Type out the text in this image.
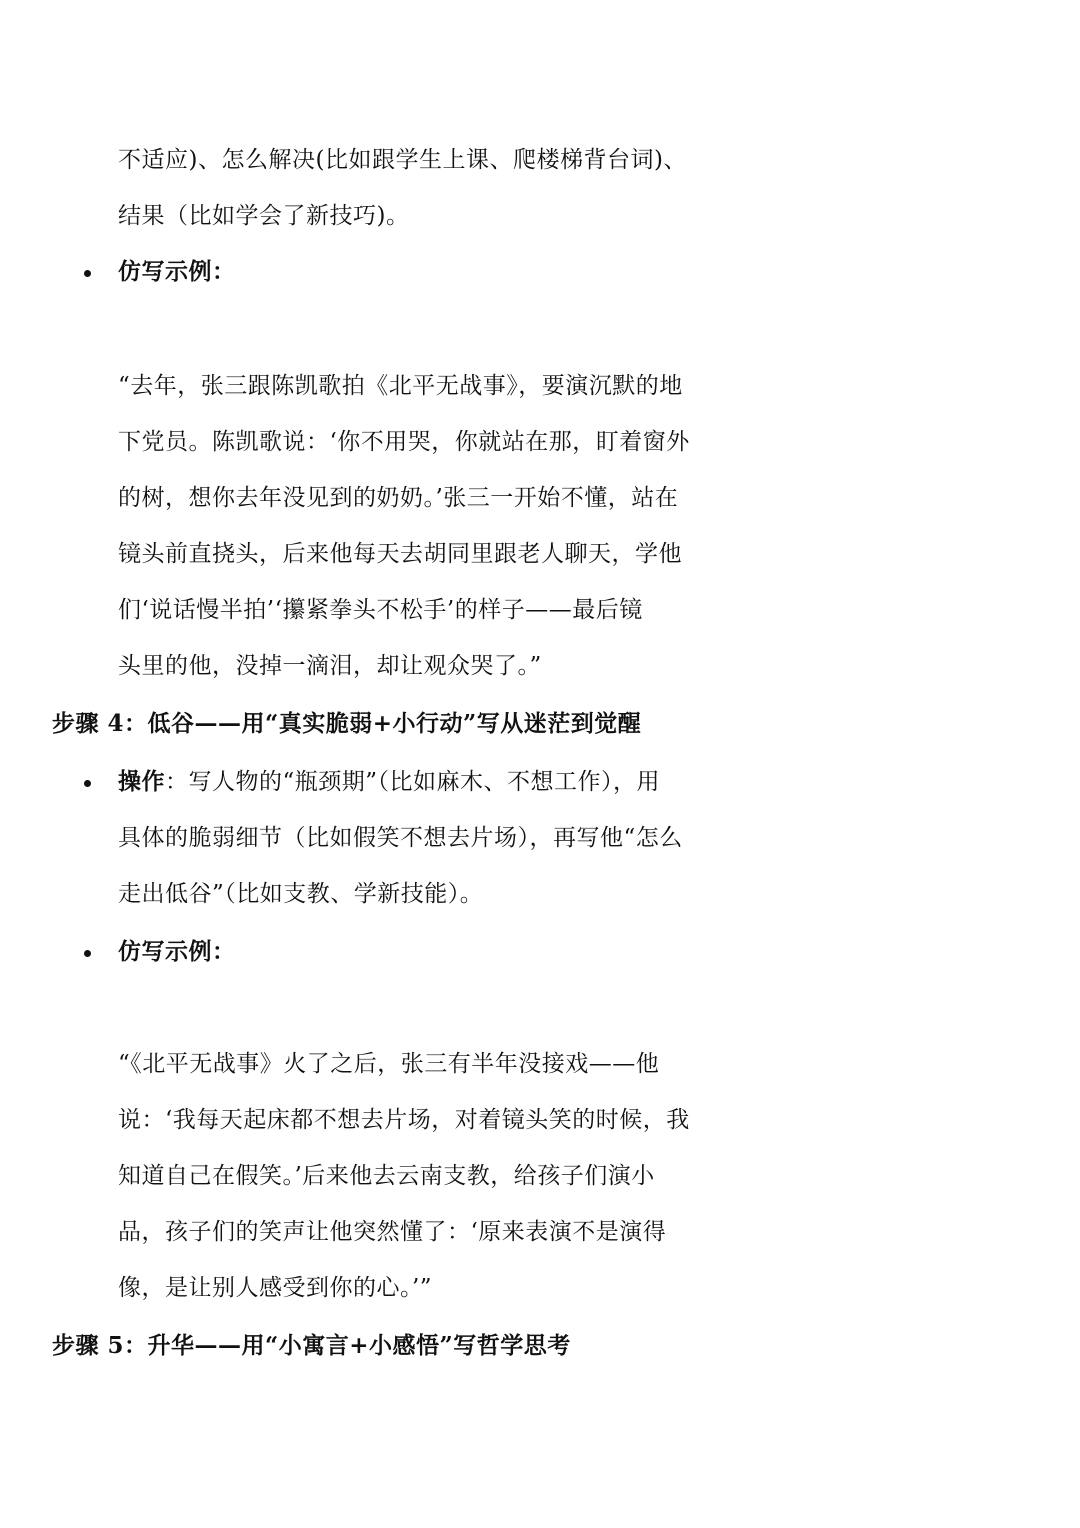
不适应)、怎么解决(比如跟学生上课、爬楼梯背台词)、
结果（比如学会了新技巧)。
仿写示例：
“去年，张三跟陈凯歌拍《北平无战事》，要演沉默的地
下党员。陈凯歌说：‘你不用哭，你就站在那，盯着窗外
的树，想你去年没见到的奶奶。’张三一开始不懂，站在
镜头前直挠头，后来他每天去胡同里跟老人聊天，学他
们‘说话慢半拍’‘攥紧拳头不松手’的样子——最后镜
头里的他，没掉一滴泪，却让观众哭了。”
步骤 4：低谷——用“真实脆弱+小行动”写从迷茫到觉醒
操作：写人物的“瓶颈期”（比如麻木、不想工作），用
具体的脆弱细节（比如假笑不想去片场），再写他“怎么
走出低谷”（比如支教、学新技能）。
仿写示例：
“《北平无战事》火了之后，张三有半年没接戏——他
说：‘我每天起床都不想去片场，对着镜头笑的时候，我
知道自己在假笑。’后来他去云南支教，给孩子们演小
品，孩子们的笑声让他突然懂了：‘原来表演不是演得
像，是让别人感受到你的心。’”
步骤 5：升华——用“小寓言+小感悟”写哲学思考
